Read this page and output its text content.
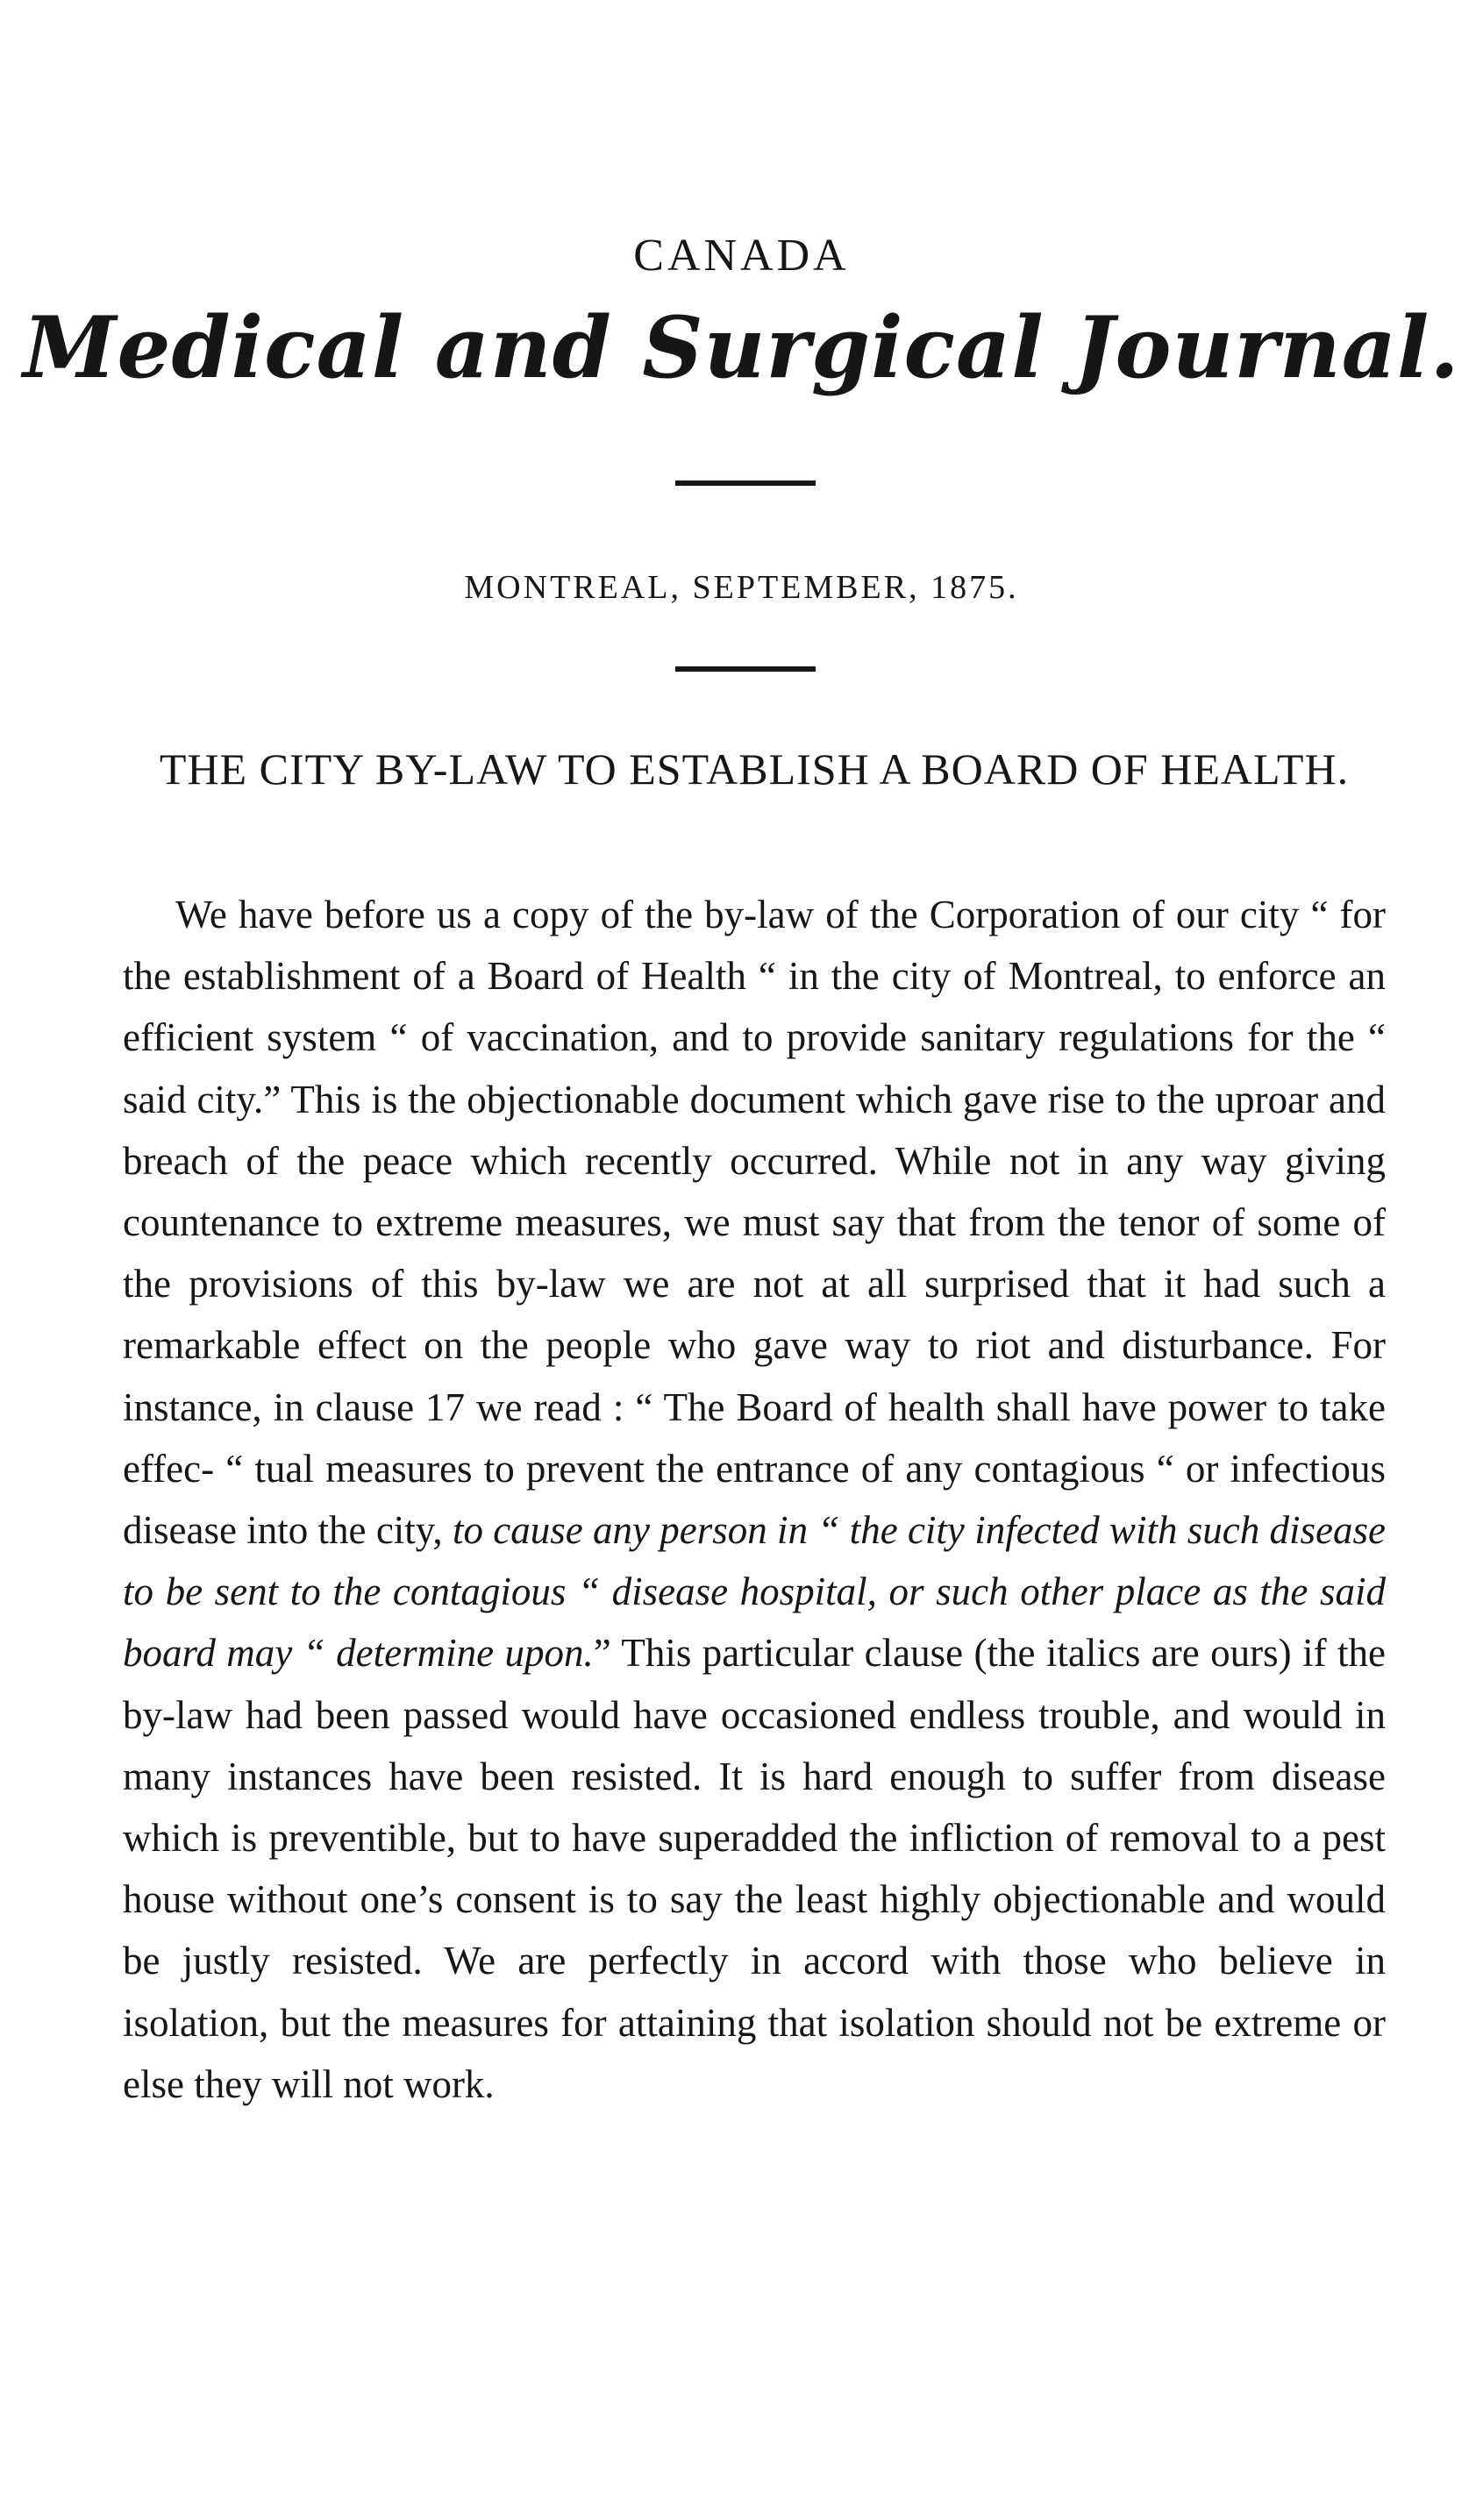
CANADA
Medical and Surgical Journal.
MONTREAL, SEPTEMBER, 1875.
THE CITY BY-LAW TO ESTABLISH A BOARD OF HEALTH.

We have before us a copy of the by-law of the Corporation of our city “ for the establishment of a Board of Health “ in the city of Montreal, to enforce an efficient system “ of vaccination, and to provide sanitary regulations for the “ said city.” This is the objectionable document which gave rise to the uproar and breach of the peace which recently occurred. While not in any way giving countenance to extreme measures, we must say that from the tenor of some of the provisions of this by-law we are not at all surprised that it had such a remarkable effect on the people who gave way to riot and disturbance. For instance, in clause 17 we read : “ The Board of health shall have power to take effec- “ tual measures to prevent the entrance of any contagious “ or infectious disease into the city, to cause any person in “ the city infected with such disease to be sent to the contagious “ disease hospital, or such other place as the said board may “ determine upon.” This particular clause (the italics are ours) if the by-law had been passed would have occasioned endless trouble, and would in many instances have been resisted. It is hard enough to suffer from disease which is preventible, but to have superadded the infliction of removal to a pest house without one’s consent is to say the least highly objectionable and would be justly resisted. We are perfectly in accord with those who believe in isolation, but the measures for attaining that isolation should not be extreme or else they will not work.
